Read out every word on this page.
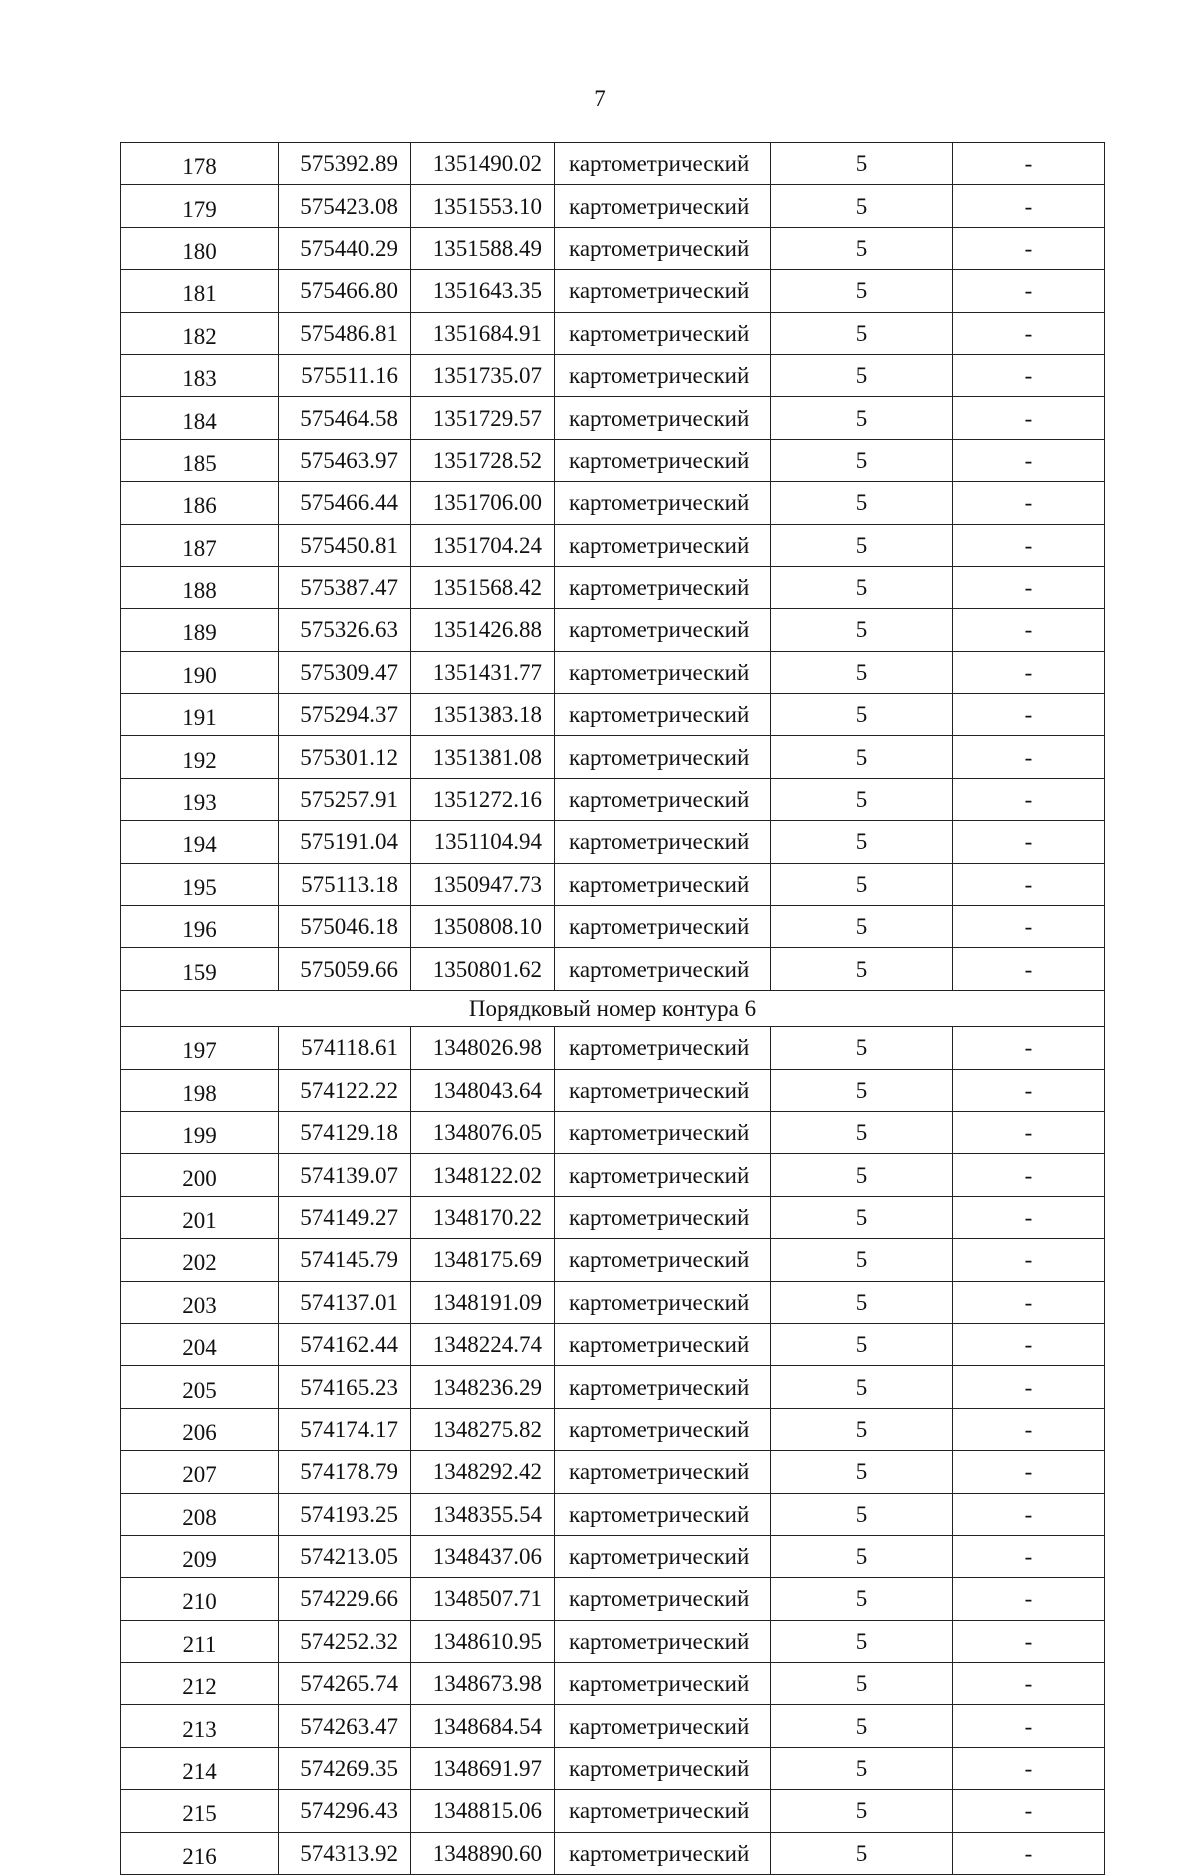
7
178	575392.89	1351490.02	картометрический	5	-
179	575423.08	1351553.10	картометрический	5	-
180	575440.29	1351588.49	картометрический	5	-
181	575466.80	1351643.35	картометрический	5	-
182	575486.81	1351684.91	картометрический	5	-
183	575511.16	1351735.07	картометрический	5	-
184	575464.58	1351729.57	картометрический	5	-
185	575463.97	1351728.52	картометрический	5	-
186	575466.44	1351706.00	картометрический	5	-
187	575450.81	1351704.24	картометрический	5	-
188	575387.47	1351568.42	картометрический	5	-
189	575326.63	1351426.88	картометрический	5	-
190	575309.47	1351431.77	картометрический	5	-
191	575294.37	1351383.18	картометрический	5	-
192	575301.12	1351381.08	картометрический	5	-
193	575257.91	1351272.16	картометрический	5	-
194	575191.04	1351104.94	картометрический	5	-
195	575113.18	1350947.73	картометрический	5	-
196	575046.18	1350808.10	картометрический	5	-
159	575059.66	1350801.62	картометрический	5	-
Порядковый номер контура 6					
197	574118.61	1348026.98	картометрический	5	-
198	574122.22	1348043.64	картометрический	5	-
199	574129.18	1348076.05	картометрический	5	-
200	574139.07	1348122.02	картометрический	5	-
201	574149.27	1348170.22	картометрический	5	-
202	574145.79	1348175.69	картометрический	5	-
203	574137.01	1348191.09	картометрический	5	-
204	574162.44	1348224.74	картометрический	5	-
205	574165.23	1348236.29	картометрический	5	-
206	574174.17	1348275.82	картометрический	5	-
207	574178.79	1348292.42	картометрический	5	-
208	574193.25	1348355.54	картометрический	5	-
209	574213.05	1348437.06	картометрический	5	-
210	574229.66	1348507.71	картометрический	5	-
211	574252.32	1348610.95	картометрический	5	-
212	574265.74	1348673.98	картометрический	5	-
213	574263.47	1348684.54	картометрический	5	-
214	574269.35	1348691.97	картометрический	5	-
215	574296.43	1348815.06	картометрический	5	-
216	574313.92	1348890.60	картометрический	5	-
